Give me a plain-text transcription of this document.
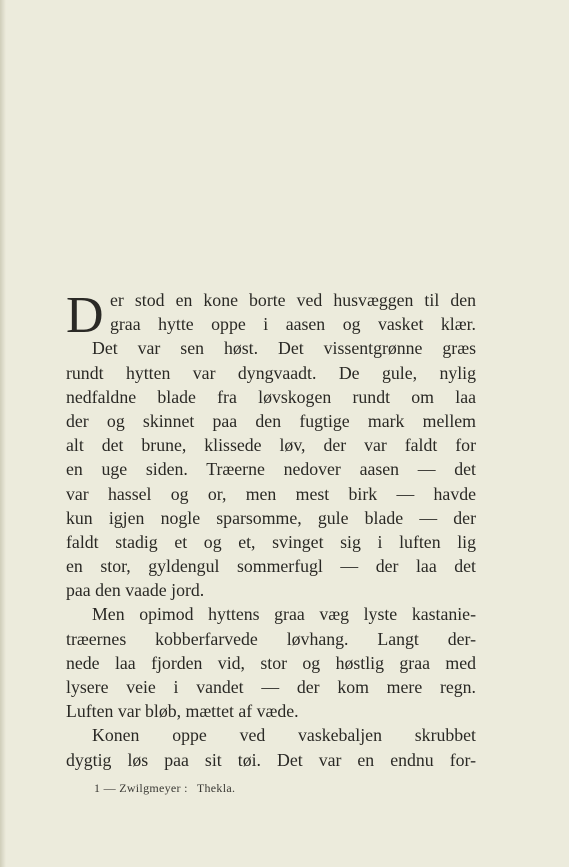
D er stod en kone borte ved husvæggen til den
graa hytte oppe i aasen og vasket klær.
Det var sen høst. Det vissentgrønne græs
rundt hytten var dyngvaadt. De gule, nylig
nedfaldne blade fra løvskogen rundt om laa
der og skinnet paa den fugtige mark mellem
alt det brune, klissede løv, der var faldt for
en uge siden. Træerne nedover aasen — det
var hassel og or, men mest birk — havde
kun igjen nogle sparsomme, gule blade — der
faldt stadig et og et, svinget sig i luften lig
en stor, gyldengul sommerfugl — der laa det
paa den vaade jord.
Men opimod hyttens graa væg lyste kastanie-
træernes kobberfarvede løvhang. Langt der-
nede laa fjorden vid, stor og høstlig graa med
lysere veie i vandet — der kom mere regn.
Luften var bløb, mættet af væde.
Konen oppe ved vaskebaljen skrubbet
dygtig løs paa sit tøi. Det var en endnu for-
1 — Zwilgmeyer : Thekla.
